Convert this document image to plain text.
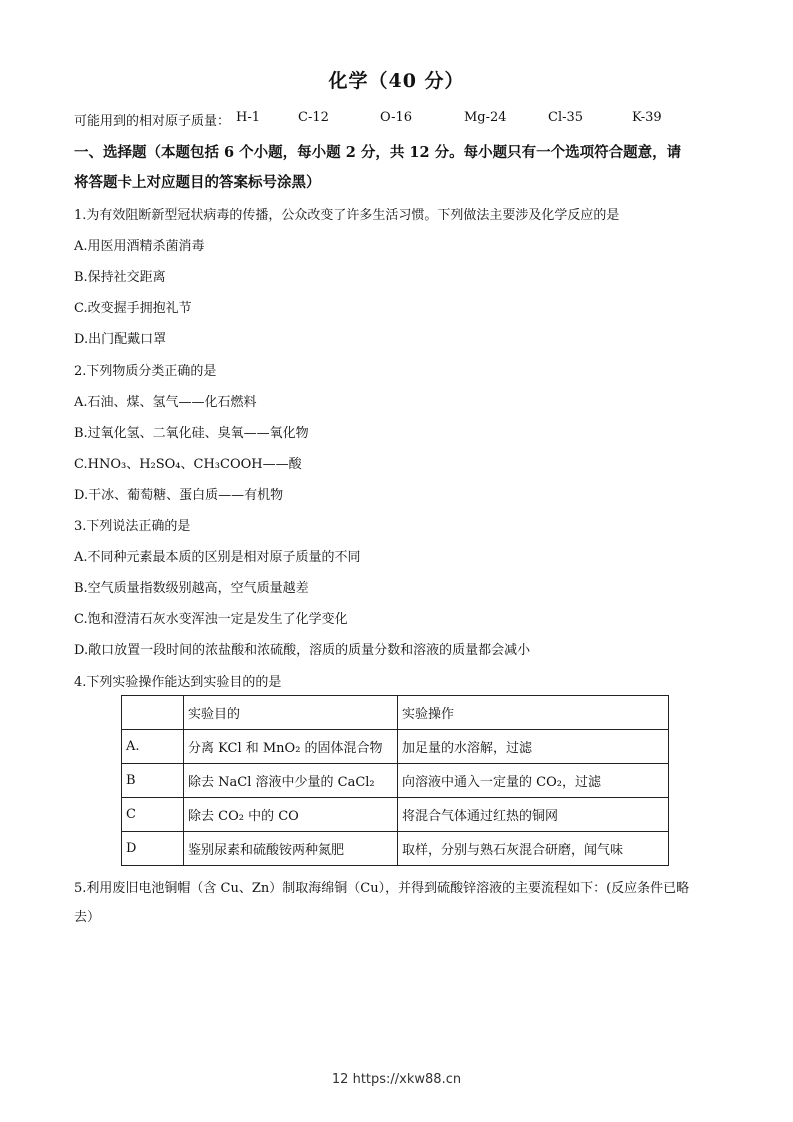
化学（40 分）
可能用到的相对原子质量： H-1	C-12	O-16	Mg-24	Cl-35	K-39
一、选择题（本题包括 6 个小题，每小题 2 分，共 12 分。每小题只有一个选项符合题意，请
将答题卡上对应题目的答案标号涂黑）
1.为有效阻断新型冠状病毒的传播，公众改变了许多生活习惯。下列做法主要涉及化学反应的是
A.用医用酒精杀菌消毒
B.保持社交距离
C.改变握手拥抱礼节
D.出门配戴口罩
2.下列物质分类正确的是
A.石油、煤、氢气——化石燃料
B.过氧化氢、二氧化硅、臭氧——氧化物
C.HNO₃、H₂SO₄、CH₃COOH——酸
D.干冰、葡萄糖、蛋白质——有机物
3.下列说法正确的是
A.不同种元素最本质的区别是相对原子质量的不同
B.空气质量指数级别越高，空气质量越差
C.饱和澄清石灰水变浑浊一定是发生了化学变化
D.敞口放置一段时间的浓盐酸和浓硫酸，溶质的质量分数和溶液的质量都会减小
4.下列实验操作能达到实验目的的是
	实验目的	实验操作
A.	分离 KCl 和 MnO₂ 的固体混合物	加足量的水溶解，过滤
B	除去 NaCl 溶液中少量的 CaCl₂	向溶液中通入一定量的 CO₂，过滤
C	除去 CO₂ 中的 CO	将混合气体通过红热的铜网
D	鉴别尿素和硫酸铵两种氮肥	取样，分别与熟石灰混合研磨，闻气味
5.利用废旧电池铜帽（含 Cu、Zn）制取海绵铜（Cu），并得到硫酸锌溶液的主要流程如下：(反应条件已略
去）
12 https://xkw88.cn
